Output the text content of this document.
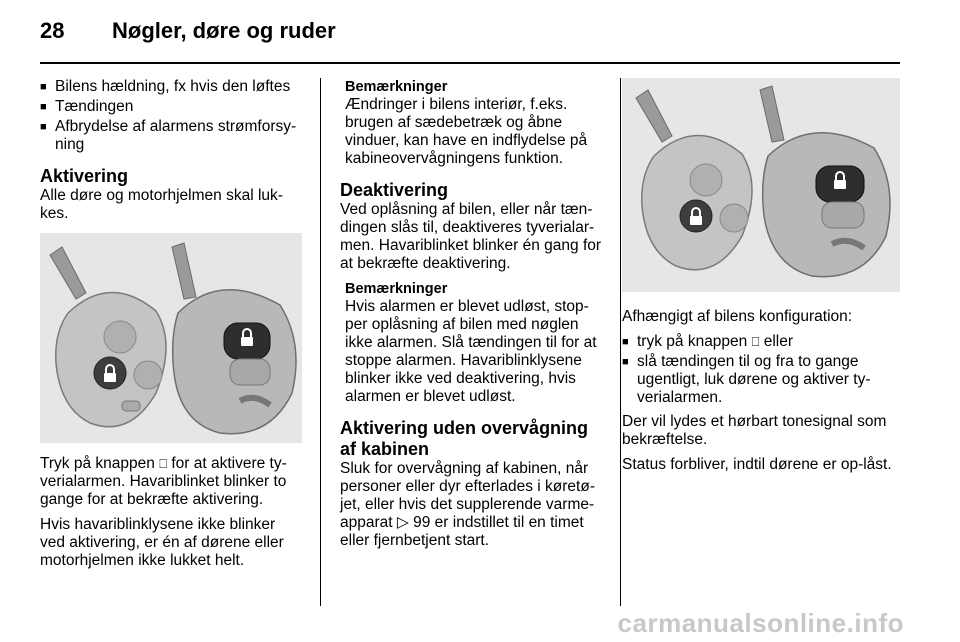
28 Nøgler, døre og ruder
■ Bilens hældning, fx hvis den løftes
■ Tændingen
■ Afbrydelse af alarmens strømforsy-ning
Aktivering

Alle døre og motorhjelmen skal luk-kes.

Tryk på knappen ⎕ for at aktivere ty-verialarmen. Havariblinket blinker to gange for at bekræfte aktivering.

Hvis havariblinklysene ikke blinker ved aktivering, er én af dørene eller motorhjelmen ikke lukket helt.

Bemærkninger

Ændringer i bilens interiør, f.eks. brugen af sædebetræk og åbne vinduer, kan have en indflydelse på kabineovervågningens funktion.

Deaktivering

Ved oplåsning af bilen, eller når tæn-dingen slås til, deaktiveres tyverialar-men. Havariblinket blinker én gang for at bekræfte deaktivering.

Bemærkninger

Hvis alarmen er blevet udløst, stop-per oplåsning af bilen med nøglen ikke alarmen. Slå tændingen til for at stoppe alarmen. Havariblinklysene blinker ikke ved deaktivering, hvis alarmen er blevet udløst.

Aktivering uden overvågning af kabinen

Sluk for overvågning af kabinen, når personer eller dyr efterlades i køretø-jet, eller hvis det supplerende varme-apparat ▷ 99 er indstillet til en timet eller fjernbetjent start.

Afhængigt af bilens konfiguration:

■ tryk på knappen ⎕ eller
■ slå tændingen til og fra to gange ugentligt, luk dørene og aktiver ty-verialarmen.

Der vil lydes et hørbart tonesignal som bekræftelse.

Status forbliver, indtil dørene er op-låst.

carmanualsonline.info
